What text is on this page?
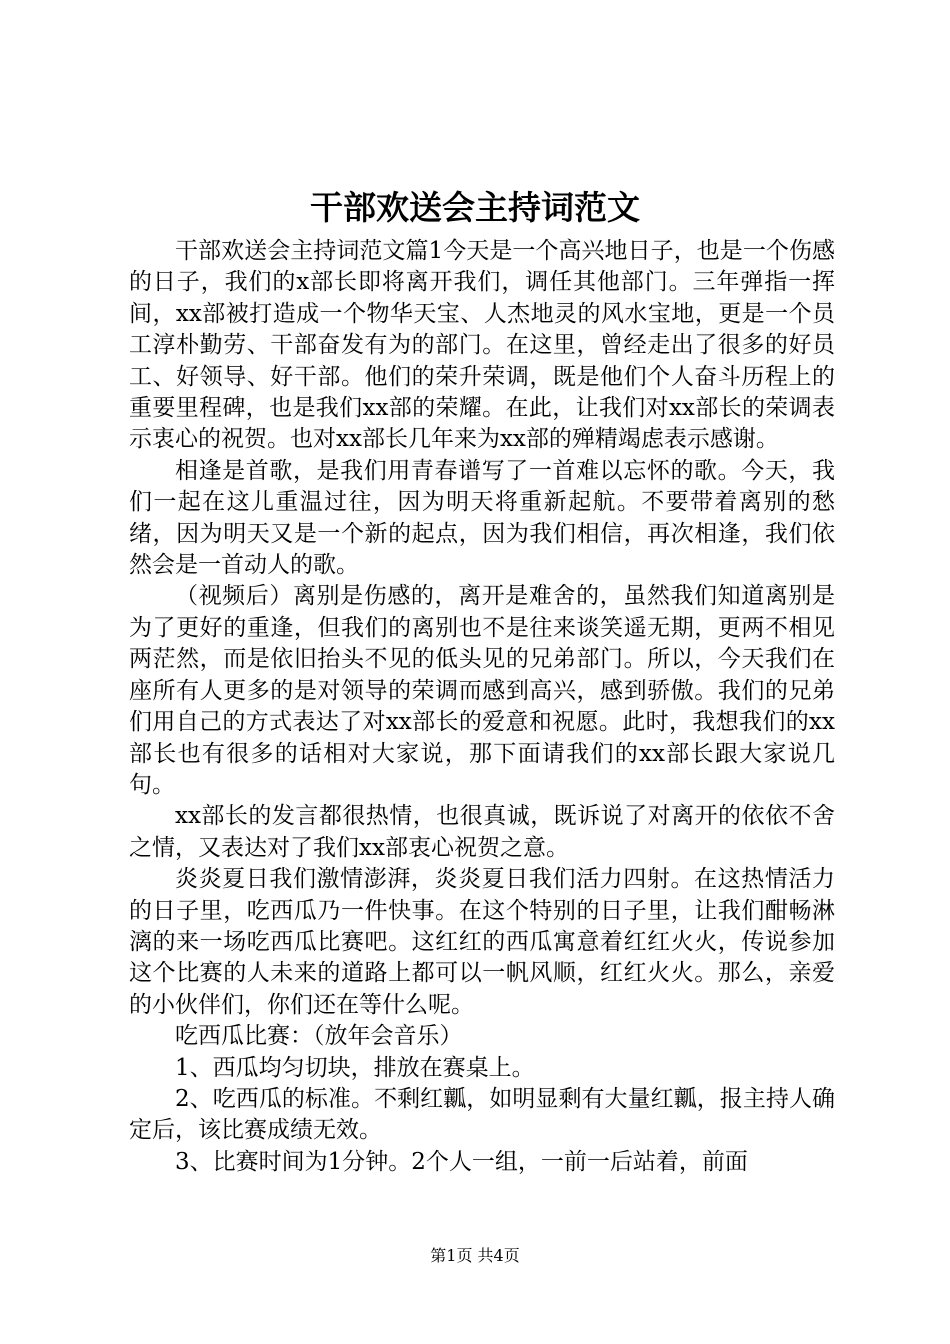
干部欢送会主持词范文

干部欢送会主持词范文篇1今天是一个高兴地日子，也是一个伤感的日子，我们的x部长即将离开我们，调任其他部门。三年弹指一挥间，xx部被打造成一个物华天宝、人杰地灵的风水宝地，更是一个员工淳朴勤劳、干部奋发有为的部门。在这里，曾经走出了很多的好员工、好领导、好干部。他们的荣升荣调，既是他们个人奋斗历程上的重要里程碑，也是我们xx部的荣耀。在此，让我们对xx部长的荣调表示衷心的祝贺。也对xx部长几年来为xx部的殚精竭虑表示感谢。

相逢是首歌，是我们用青春谱写了一首难以忘怀的歌。今天，我们一起在这儿重温过往，因为明天将重新起航。不要带着离别的愁绪，因为明天又是一个新的起点，因为我们相信，再次相逢，我们依然会是一首动人的歌。

（视频后）离别是伤感的，离开是难舍的，虽然我们知道离别是为了更好的重逢，但我们的离别也不是往来谈笑遥无期，更两不相见两茫然，而是依旧抬头不见的低头见的兄弟部门。所以，今天我们在座所有人更多的是对领导的荣调而感到高兴，感到骄傲。我们的兄弟们用自己的方式表达了对xx部长的爱意和祝愿。此时，我想我们的xx部长也有很多的话相对大家说，那下面请我们的xx部长跟大家说几句。

xx部长的发言都很热情，也很真诚，既诉说了对离开的依依不舍之情，又表达对了我们xx部衷心祝贺之意。

炎炎夏日我们激情澎湃，炎炎夏日我们活力四射。在这热情活力的日子里，吃西瓜乃一件快事。在这个特别的日子里，让我们酣畅淋漓的来一场吃西瓜比赛吧。这红红的西瓜寓意着红红火火，传说参加这个比赛的人未来的道路上都可以一帆风顺，红红火火。那么，亲爱的小伙伴们，你们还在等什么呢。

吃西瓜比赛：（放年会音乐）

1、西瓜均匀切块，排放在赛桌上。

2、吃西瓜的标准。不剩红瓤，如明显剩有大量红瓤，报主持人确定后，该比赛成绩无效。

3、比赛时间为1分钟。2个人一组，一前一后站着，前面

第1页 共4页
